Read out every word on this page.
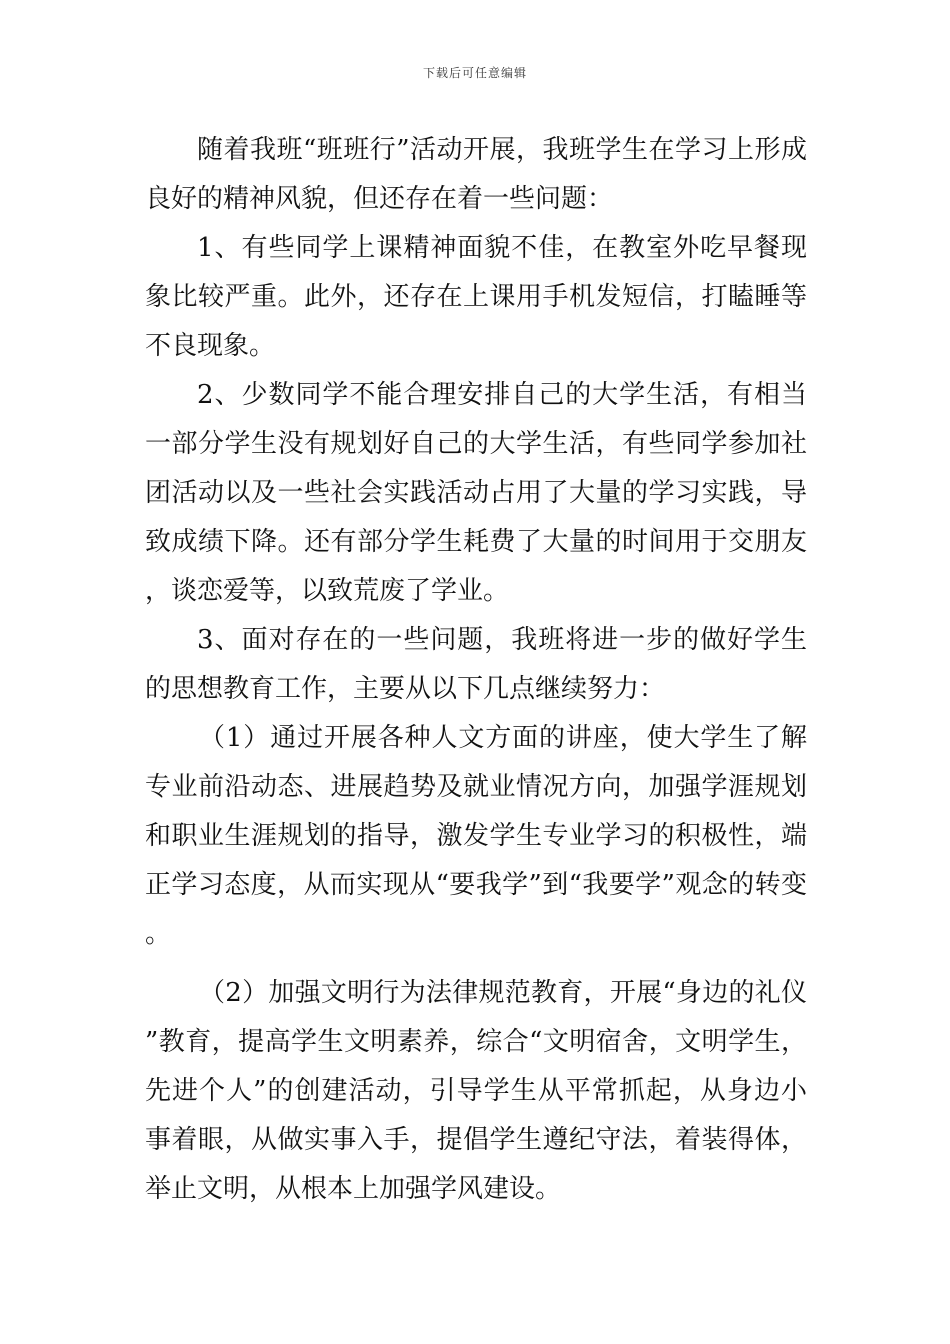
下载后可任意编辑

随着我班“班班行”活动开展，我班学生在学习上形成良好的精神风貌，但还存在着一些问题：

1、有些同学上课精神面貌不佳，在教室外吃早餐现象比较严重。此外，还存在上课用手机发短信，打瞌睡等不良现象。

2、少数同学不能合理安排自己的大学生活，有相当一部分学生没有规划好自己的大学生活，有些同学参加社团活动以及一些社会实践活动占用了大量的学习实践，导致成绩下降。还有部分学生耗费了大量的时间用于交朋友，谈恋爱等，以致荒废了学业。

3、面对存在的一些问题，我班将进一步的做好学生的思想教育工作，主要从以下几点继续努力：

（1）通过开展各种人文方面的讲座，使大学生了解专业前沿动态、进展趋势及就业情况方向，加强学涯规划和职业生涯规划的指导，激发学生专业学习的积极性，端正学习态度，从而实现从“要我学”到“我要学”观念的转变。

（2）加强文明行为法律规范教育，开展“身边的礼仪”教育，提高学生文明素养，综合“文明宿舍，文明学生，先进个人”的创建活动，引导学生从平常抓起，从身边小事着眼，从做实事入手，提倡学生遵纪守法，着装得体，举止文明，从根本上加强学风建设。
